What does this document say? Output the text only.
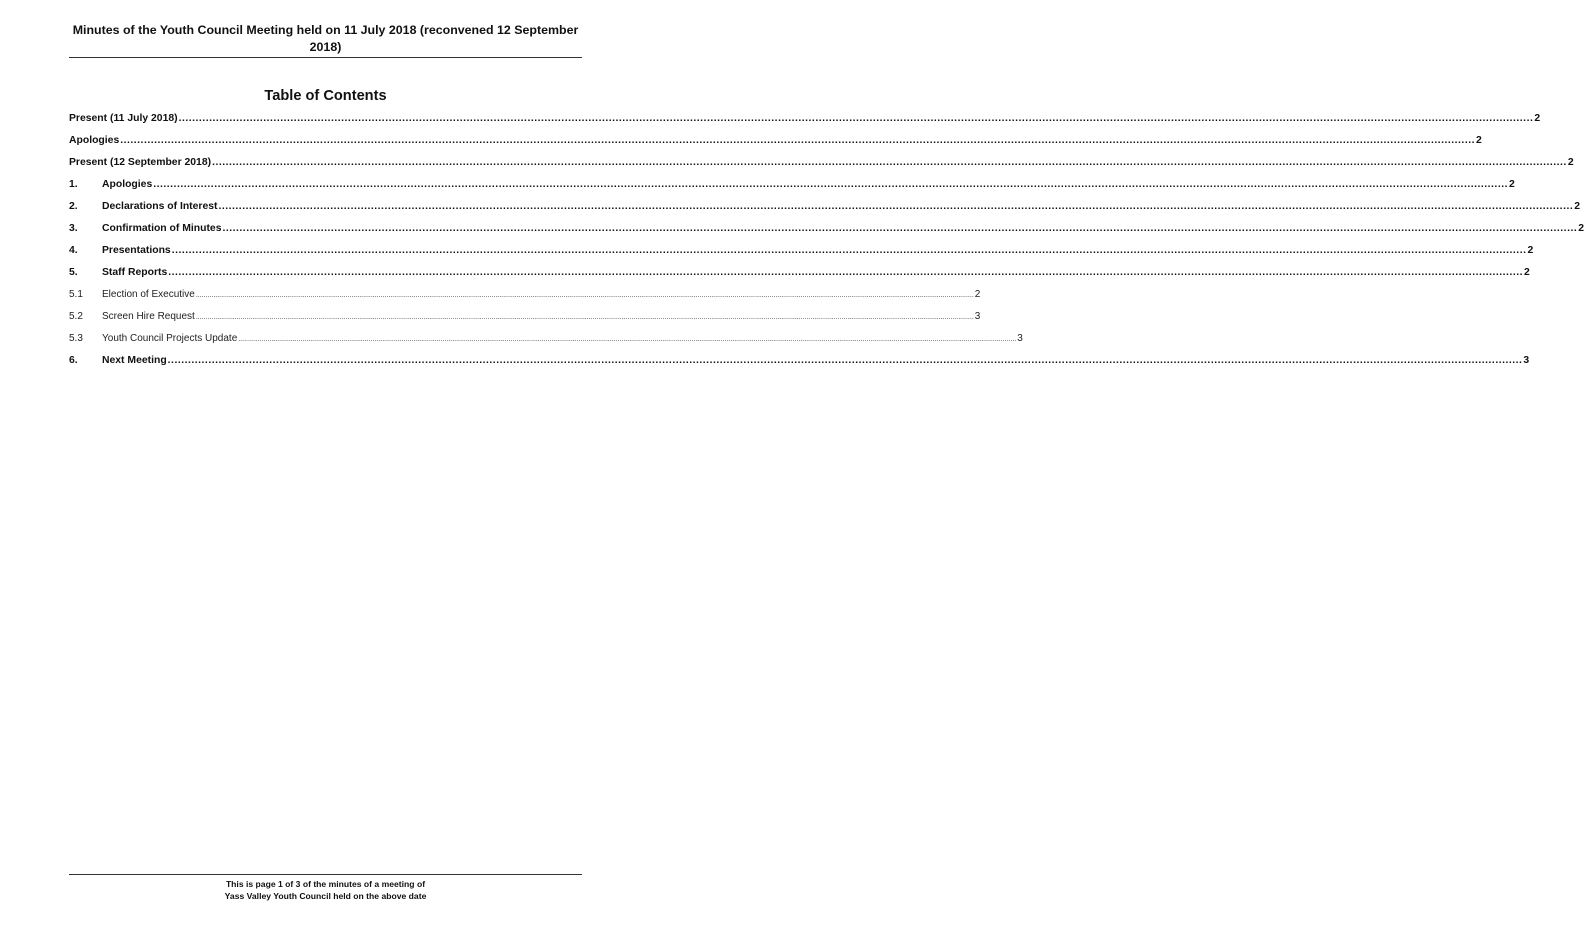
Minutes of the Youth Council Meeting held on 11 July 2018 (reconvened 12 September
2018)
Table of Contents
Present (11 July 2018) ................................................................................................................................................................................................................................................................................................................................................................................................................ 2
Apologies ................................................................................................................................................................................................................................................................................................................................................................................................................ 2
Present (12 September 2018) ................................................................................................................................................................................................................................................................................................................................................................................................................ 2
1.	Apologies ................................................................................................................................................................................................................................................................................................................................................................................................................ 2
2.	Declarations of Interest ................................................................................................................................................................................................................................................................................................................................................................................................................ 2
3.	Confirmation of Minutes ................................................................................................................................................................................................................................................................................................................................................................................................................ 2
4.	Presentations ................................................................................................................................................................................................................................................................................................................................................................................................................ 2
5.	Staff Reports ................................................................................................................................................................................................................................................................................................................................................................................................................ 2
5.1	Election of Executive ................................................................................................................................................................................................................................................................................................................................................................................................................ 2
5.2	Screen Hire Request ................................................................................................................................................................................................................................................................................................................................................................................................................ 3
5.3	Youth Council Projects Update ................................................................................................................................................................................................................................................................................................................................................................................................................ 3
6.	Next Meeting ................................................................................................................................................................................................................................................................................................................................................................................................................ 3
This is page 1 of 3 of the minutes of a meeting of
Yass Valley Youth Council held on the above date
